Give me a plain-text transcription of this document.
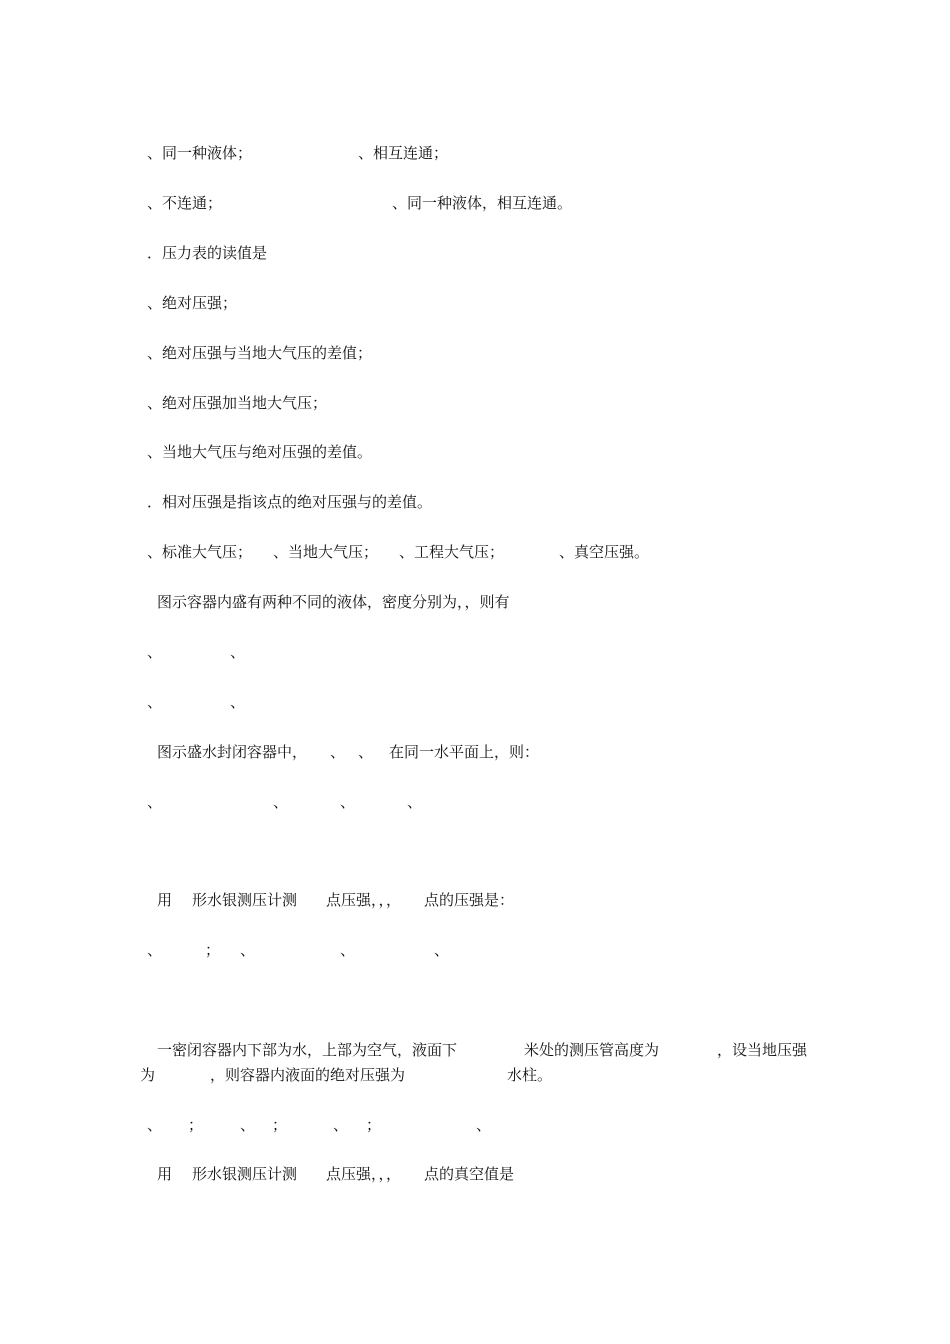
、同一种液体；	、相互连通；
、不连通；	、同一种液体，相互连通。
．压力表的读值是
、绝对压强；
、绝对压强与当地大气压的差值；
、绝对压强加当地大气压；
、当地大气压与绝对压强的差值。
．相对压强是指该点的绝对压强与的差值。
、标准大气压； 、当地大气压； 、工程大气压；	、真空压强。
图示容器内盛有两种不同的液体，密度分别为，，则有
、	、
、	、
图示盛水封闭容器中， 、 、 在同一水平面上，则：
、	、	、	、
用 形水银测压计测 点压强，，， 点的压强是：
、	； 、	、	、
一密闭容器内下部为水，上部为空气，液面下	米处的测压管高度为	，设当地压强
为	，则容器内液面的绝对压强为	水柱。
、 ； 、 ；	、 ；	、
用 形水银测压计测 点压强，，， 点的真空值是
